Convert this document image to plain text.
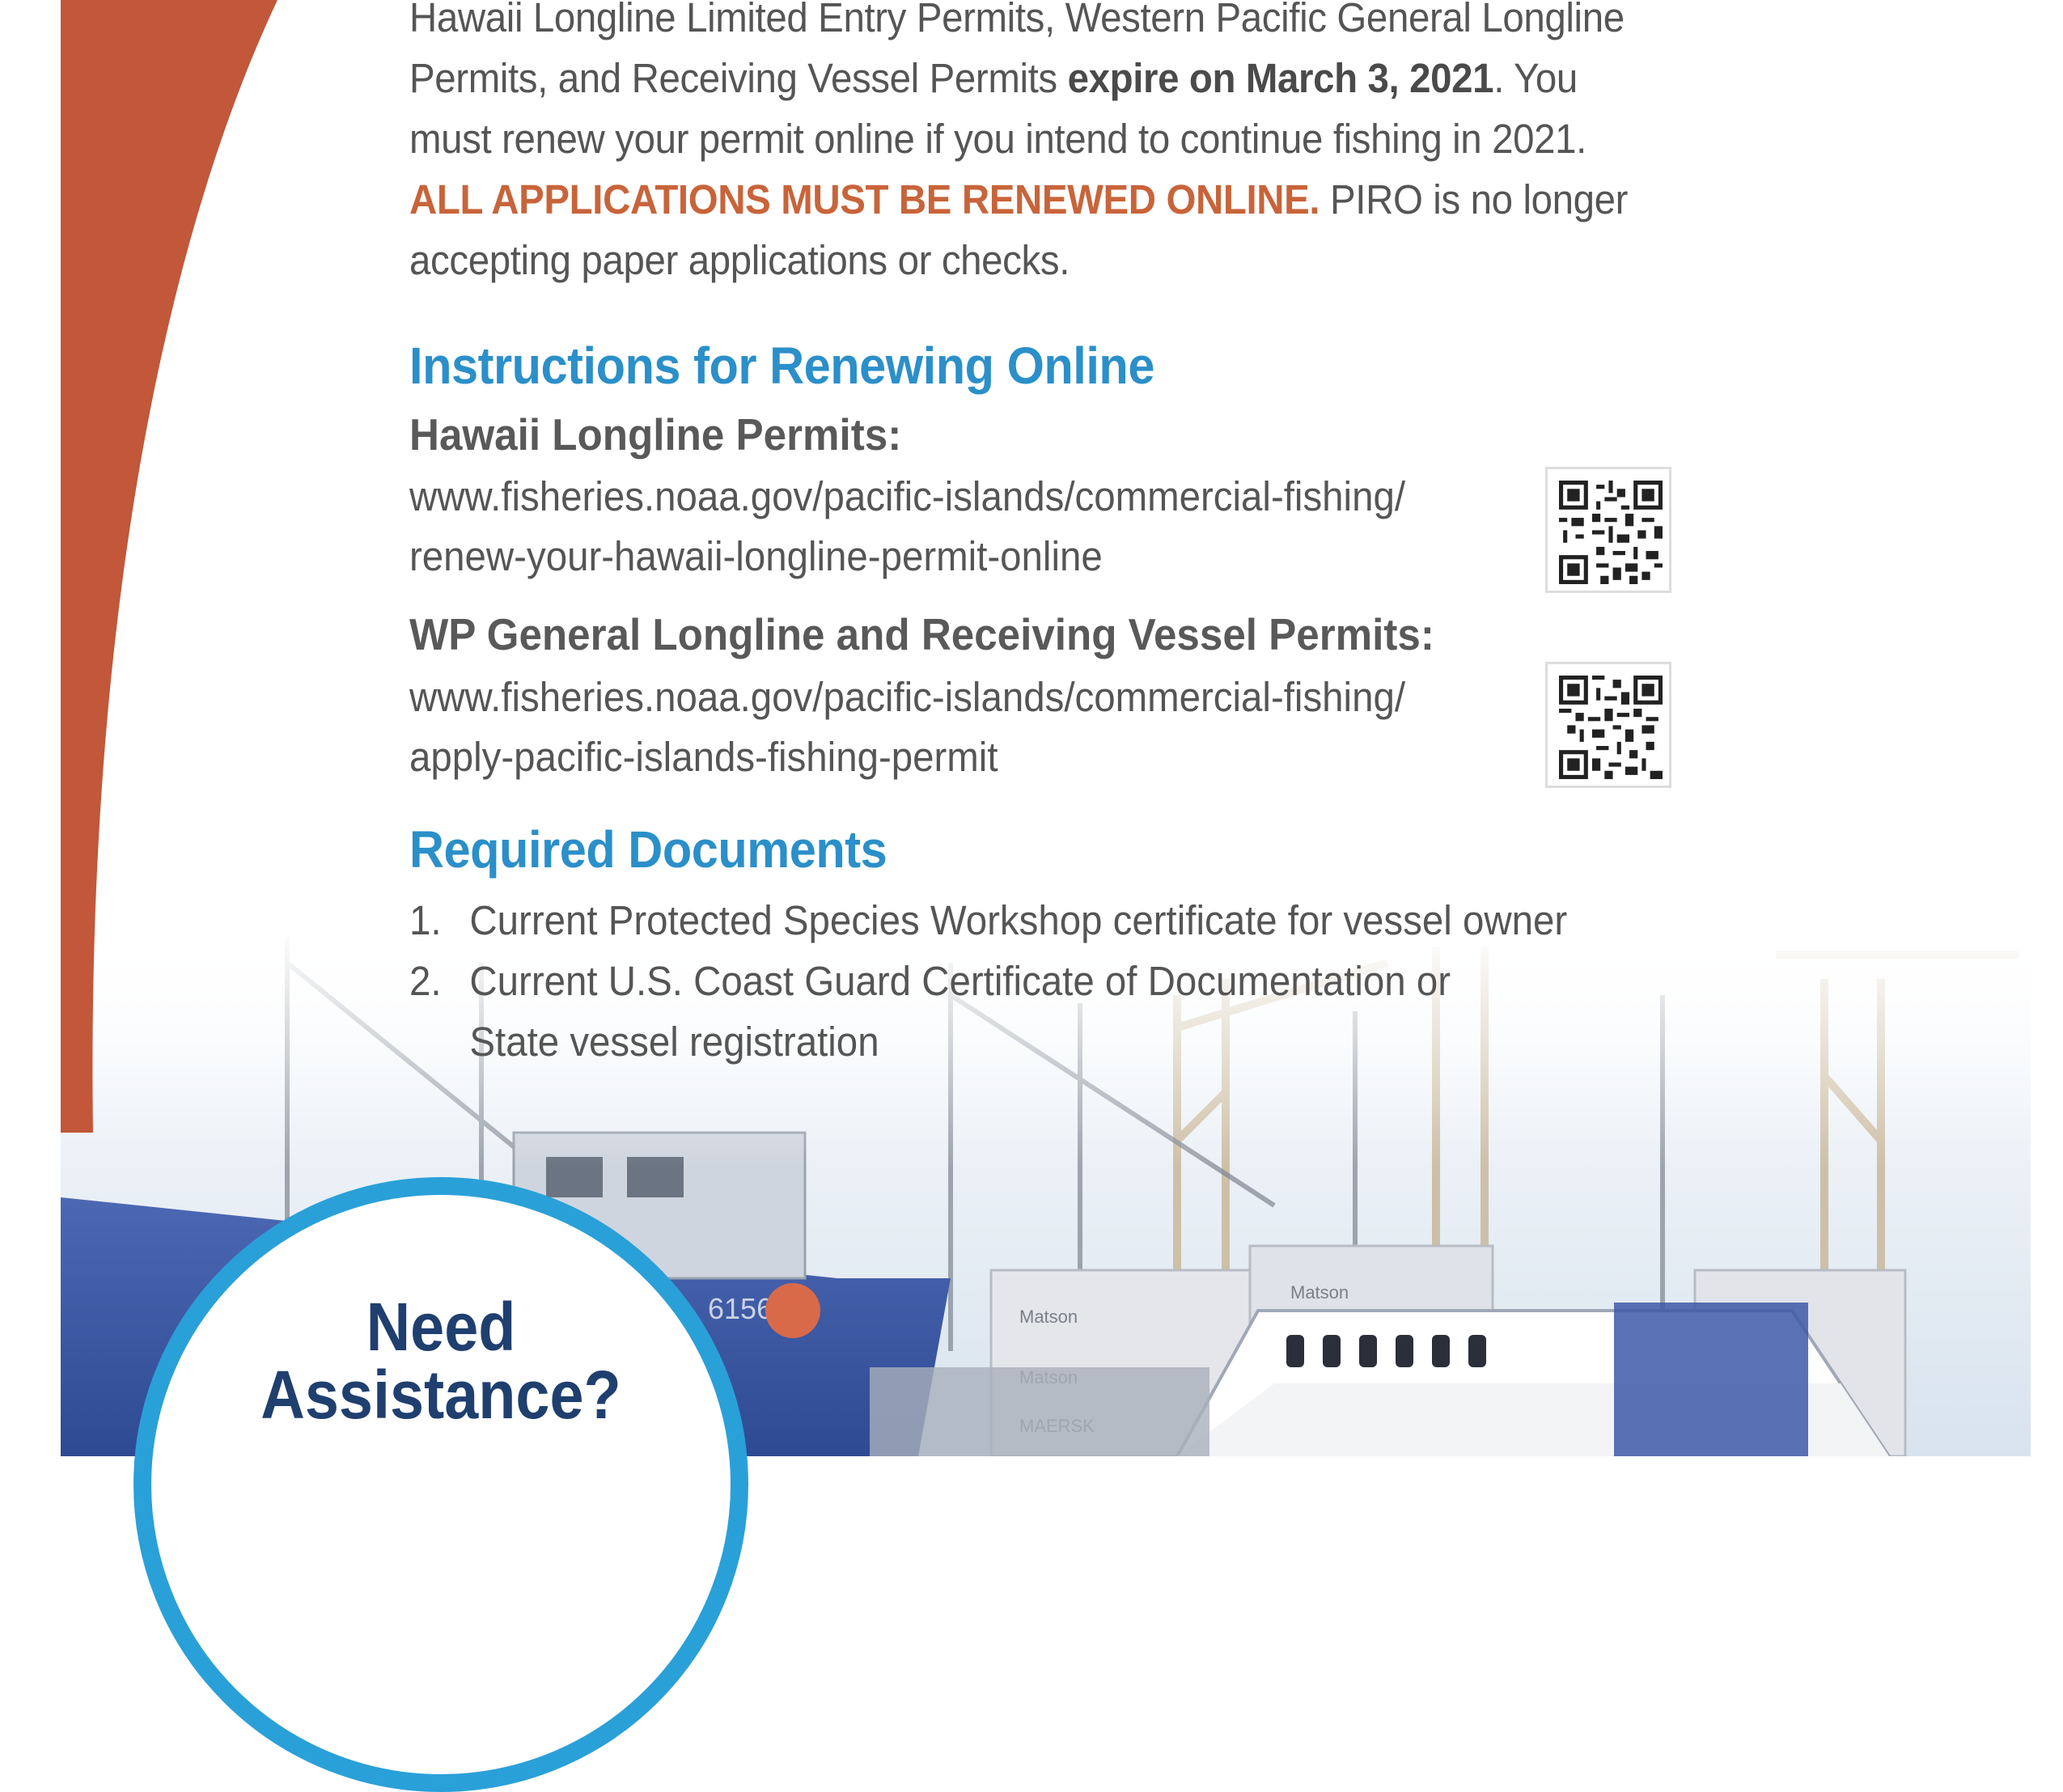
Hawaii Longline Limited Entry Permits, Western Pacific General Longline
Permits, and Receiving Vessel Permits expire on March 3, 2021. You
must renew your permit online if you intend to continue fishing in 2021.
ALL APPLICATIONS MUST BE RENEWED ONLINE. PIRO is no longer
accepting paper applications or checks.
Instructions for Renewing Online
Hawaii Longline Permits:
www.fisheries.noaa.gov/pacific-islands/commercial-fishing/
renew-your-hawaii-longline-permit-online
WP General Longline and Receiving Vessel Permits:
www.fisheries.noaa.gov/pacific-islands/commercial-fishing/
apply-pacific-islands-fishing-permit
Required Documents
1. Current Protected Species Workshop certificate for vessel owner
2. Current U.S. Coast Guard Certificate of Documentation or
State vessel registration
Need
Assistance?
